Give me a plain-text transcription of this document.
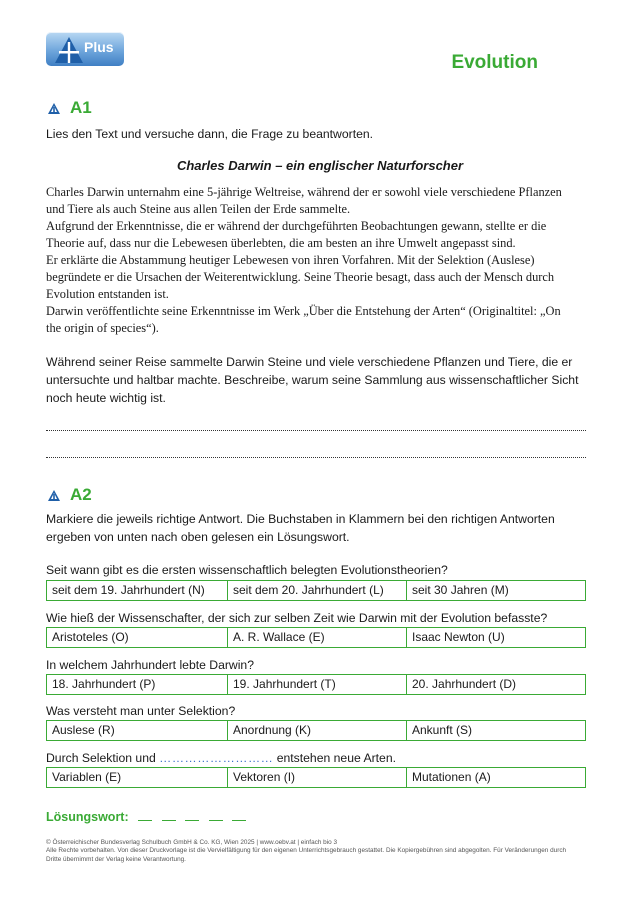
Plus
Evolution
A1
Lies den Text und versuche dann, die Frage zu beantworten.
Charles Darwin – ein englischer Naturforscher
Charles Darwin unternahm eine 5-jährige Weltreise, während der er sowohl viele verschiedene Pflanzen
und Tiere als auch Steine aus allen Teilen der Erde sammelte.
Aufgrund der Erkenntnisse, die er während der durchgeführten Beobachtungen gewann, stellte er die
Theorie auf, dass nur die Lebewesen überlebten, die am besten an ihre Umwelt angepasst sind.
Er erklärte die Abstammung heutiger Lebewesen von ihren Vorfahren. Mit der Selektion (Auslese)
begründete er die Ursachen der Weiterentwicklung. Seine Theorie besagt, dass auch der Mensch durch
Evolution entstanden ist.
Darwin veröffentlichte seine Erkenntnisse im Werk „Über die Entstehung der Arten“ (Originaltitel: „On
the origin of species“).
Während seiner Reise sammelte Darwin Steine und viele verschiedene Pflanzen und Tiere, die er
untersuchte und haltbar machte. Beschreibe, warum seine Sammlung aus wissenschaftlicher Sicht
noch heute wichtig ist.
A2
Markiere die jeweils richtige Antwort. Die Buchstaben in Klammern bei den richtigen Antworten
ergeben von unten nach oben gelesen ein Lösungswort.
Seit wann gibt es die ersten wissenschaftlich belegten Evolutionstheorien?
seit dem 19. Jahrhundert (N)	seit dem 20. Jahrhundert (L)	seit 30 Jahren (M)
Wie hieß der Wissenschafter, der sich zur selben Zeit wie Darwin mit der Evolution befasste?
Aristoteles (O)	A. R. Wallace (E)	Isaac Newton (U)
In welchem Jahrhundert lebte Darwin?
18. Jahrhundert (P)	19. Jahrhundert (T)	20. Jahrhundert (D)
Was versteht man unter Selektion?
Auslese (R)	Anordnung (K)	Ankunft (S)
Durch Selektion und ……………………… entstehen neue Arten.
Variablen (E)	Vektoren (I)	Mutationen (A)
Lösungswort:
© Österreichischer Bundesverlag Schulbuch GmbH & Co. KG, Wien 2025 | www.oebv.at | einfach bio 3
Alle Rechte vorbehalten. Von dieser Druckvorlage ist die Vervielfältigung für den eigenen Unterrichtsgebrauch gestattet. Die Kopiergebühren sind abgegolten. Für Veränderungen durch
Dritte übernimmt der Verlag keine Verantwortung.
